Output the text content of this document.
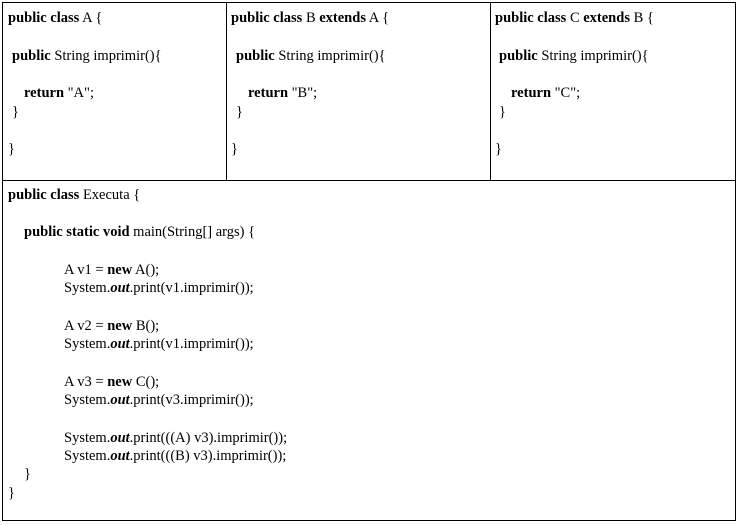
public class A {
public String imprimir(){
return "A";
}
}
public class B extends A {
public String imprimir(){
return "B";
}
}
public class C extends B {
public String imprimir(){
return "C";
}
}
public class Executa {
public static void main(String[] args) {
A v1 = new A();
System.out.print(v1.imprimir());
A v2 = new B();
System.out.print(v1.imprimir());
A v3 = new C();
System.out.print(v3.imprimir());
System.out.print(((A) v3).imprimir());
System.out.print(((B) v3).imprimir());
}
}
